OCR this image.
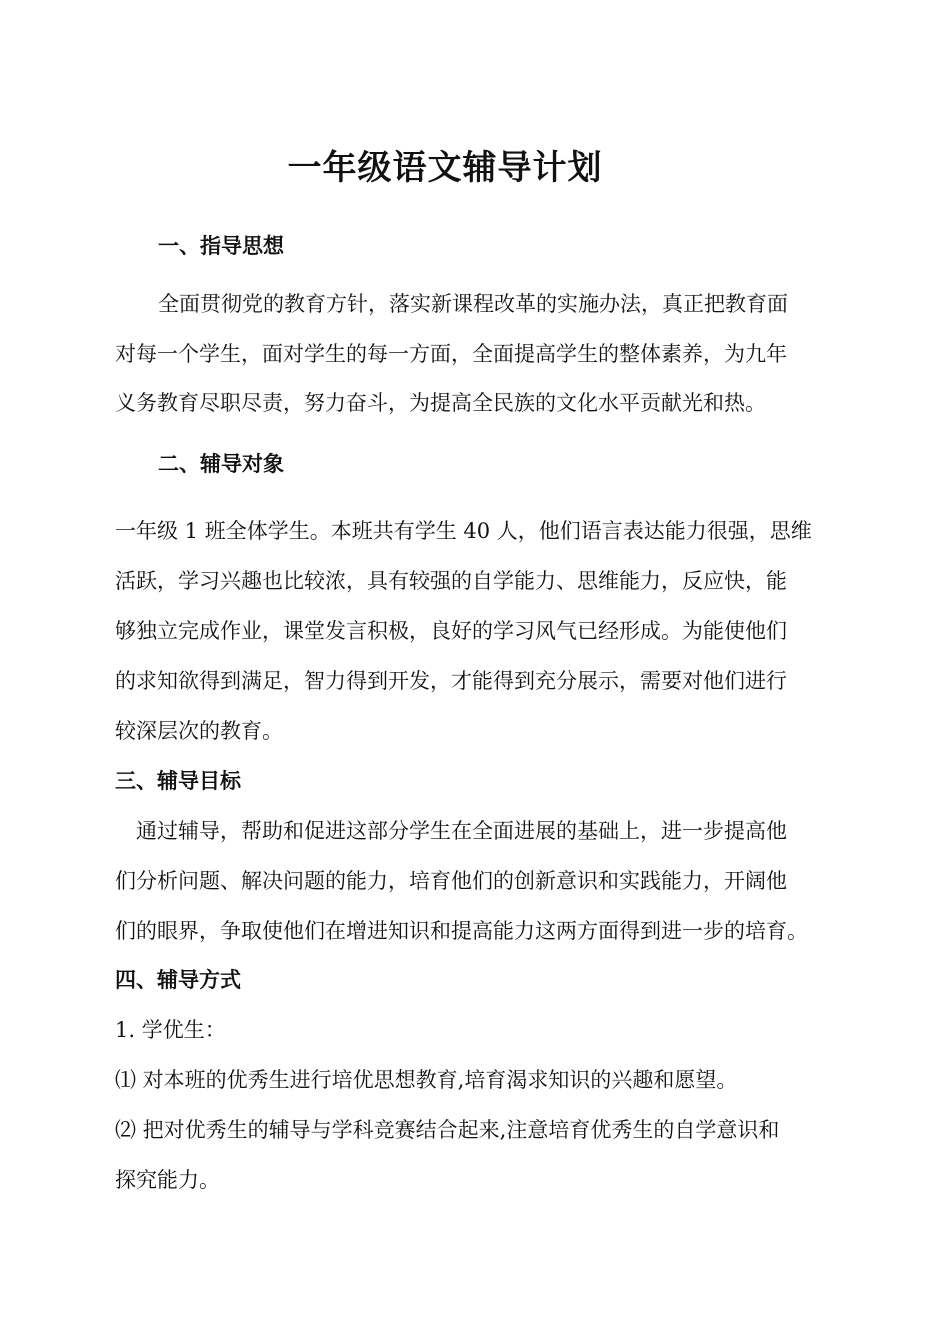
一年级语文辅导计划
一、指导思想

全面贯彻党的教育方针，落实新课程改革的实施办法，真正把教育面

对每一个学生，面对学生的每一方面，全面提高学生的整体素养，为九年

义务教育尽职尽责，努力奋斗，为提高全民族的文化水平贡献光和热。

二、辅导对象

一年级 1 班全体学生。本班共有学生 40 人，他们语言表达能力很强，思维

活跃，学习兴趣也比较浓，具有较强的自学能力、思维能力，反应快，能

够独立完成作业，课堂发言积极，良好的学习风气已经形成。为能使他们

的求知欲得到满足，智力得到开发，才能得到充分展示，需要对他们进行

较深层次的教育。

三、辅导目标

通过辅导，帮助和促进这部分学生在全面进展的基础上，进一步提高他

们分析问题、解决问题的能力，培育他们的创新意识和实践能力，开阔他

们的眼界，争取使他们在增进知识和提高能力这两方面得到进一步的培育。

四、辅导方式

1. 学优生：

⑴ 对本班的优秀生进行培优思想教育,培育渴求知识的兴趣和愿望。

⑵ 把对优秀生的辅导与学科竞赛结合起来,注意培育优秀生的自学意识和

探究能力。
